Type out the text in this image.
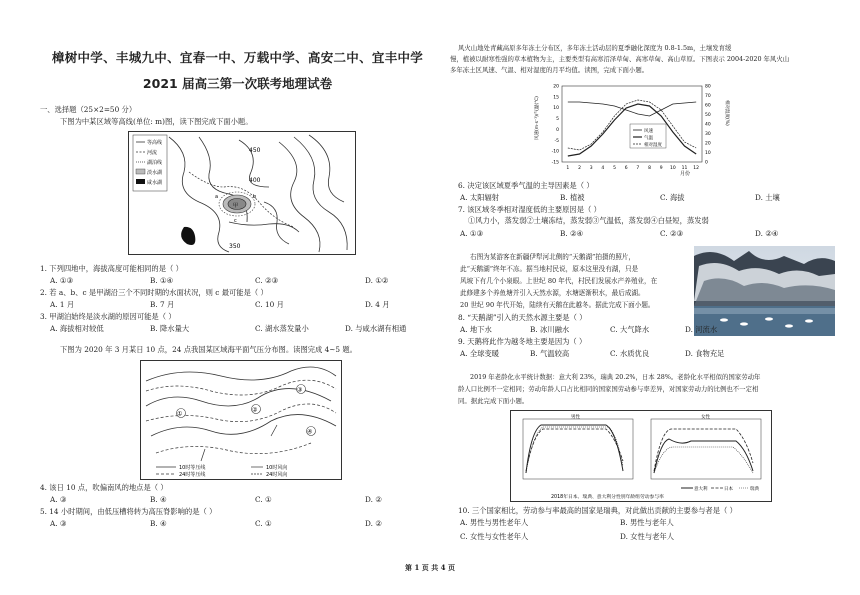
樟树中学、丰城九中、宜春一中、万载中学、高安二中、宜丰中学
2021 届高三第一次联考地理试卷
一、选择题（25×2=50 分）
下图为中某区域等高线(单位: m)图，读下图完成下面小题。
等高线
河流
湖泊线
淡水湖
咸水湖
450
400
350
a	b
c
甲
1. 下列四地中，海拔高度可能相同的是（ ）
A. ①③	B. ①④	C. ②③	D. ①②
2. 若 a、b、c 是甲湖沿三个不同时期的水面状况，则 c 最可能是（ ）
A. 1 月	B. 7 月	C. 10 月	D. 4 月
3. 甲湖泊始终是淡水湖的原因可能是（ ）
A. 海拔相对较低	B. 降水量大	C. 湖水蒸发量小	D. 与咸水湖有相通
下图为 2020 年 3 月某日 10 点，24 点我国某区域海平面气压分布图。读图完成 4~5 题。
①
②
③
④
10时等压线
24时等压线
10时风向
24时风向
4. 该日 10 点，吹偏南风的地点是（ ）
A. ③	B. ④	C. ①	D. ②
5. 14 小时期间，由低压槽将转为高压脊影响的是（ ）
A. ③	B. ④	C. ①	D. ②
风火山地处青藏高原多年冻土分布区，多年冻土活动层的夏季融化深度为 0.8-1.5m，土壤发育缓
慢，植被以耐寒性强的草本植物为主，主要类型有高寒沼泽草甸、高寒草甸、高山草原。下图表示 2004-2020 年风火山
多年冻土区风速、气温、相对湿度的月平均值。读图，完成下面小题。
风速(m·s⁻¹)/气温(℃)	相对湿度(%)
月份
20
15
10
5
0
-5
-10
-15
80
70
60
50
40
30
20
10
0
1 2 3 4 5 6 7 8 9 10 11 12
风速
气温
相对湿度
6. 决定该区域夏季气温的主导因素是（ ）
A. 太阳辐射	B. 植被	C. 海拔	D. 土壤
7. 该区域冬季相对湿度低的主要原因是（ ）
①风力小，蒸发弱②土壤冻结，蒸发弱③气温低，蒸发弱④白昼短，蒸发弱
A. ①③	B. ②④	C. ②③	D. ②④
右图为某游客在新疆伊犁河北侧的“天鹅湖”拍摄的照片，
此“天鹅湖”终年不冻。据当地村民说，原本这里没有湖，只是
风坡下有几个小泉眼。上世纪 80 年代，村民们发展水产养殖业，在
此修建多个养鱼塘并引入天然水源，水塘逐渐积水，最后成湖。
20 世纪 90 年代开始，陆续有天鹅在此越冬。据此完成下面小题。
8. “天鹅湖”引入的天然水源主要是（ ）
A. 地下水	B. 冰川融水	C. 大气降水	D. 河流水
9. 天鹅将此作为越冬地主要是因为（ ）
A. 全球变暖	B. 气温较高	C. 水质优良	D. 食物充足
2019 年老龄化水平统计数据：意大利 23%，瑞典 20.2%，日本 28%。老龄化水平相似的国家劳动年
龄人口比例不一定相同；劳动年龄人口占比相同的国家国劳动参与率差异，对国家劳动力的比例也不一定相
同。据此完成下面小题。
男性	女性
意大利	日本	瑞典
2018年日本、瑞典、意大利分性别年龄组劳动参与率
10. 三个国家相比，劳动参与率最高的国家是瑞典，对此做出贡献的主要参与者是（ ）
A. 男性与男性老年人	B. 男性与老年人
C. 女性与女性老年人	D. 女性与老年人
第 1 页 共 4 页
